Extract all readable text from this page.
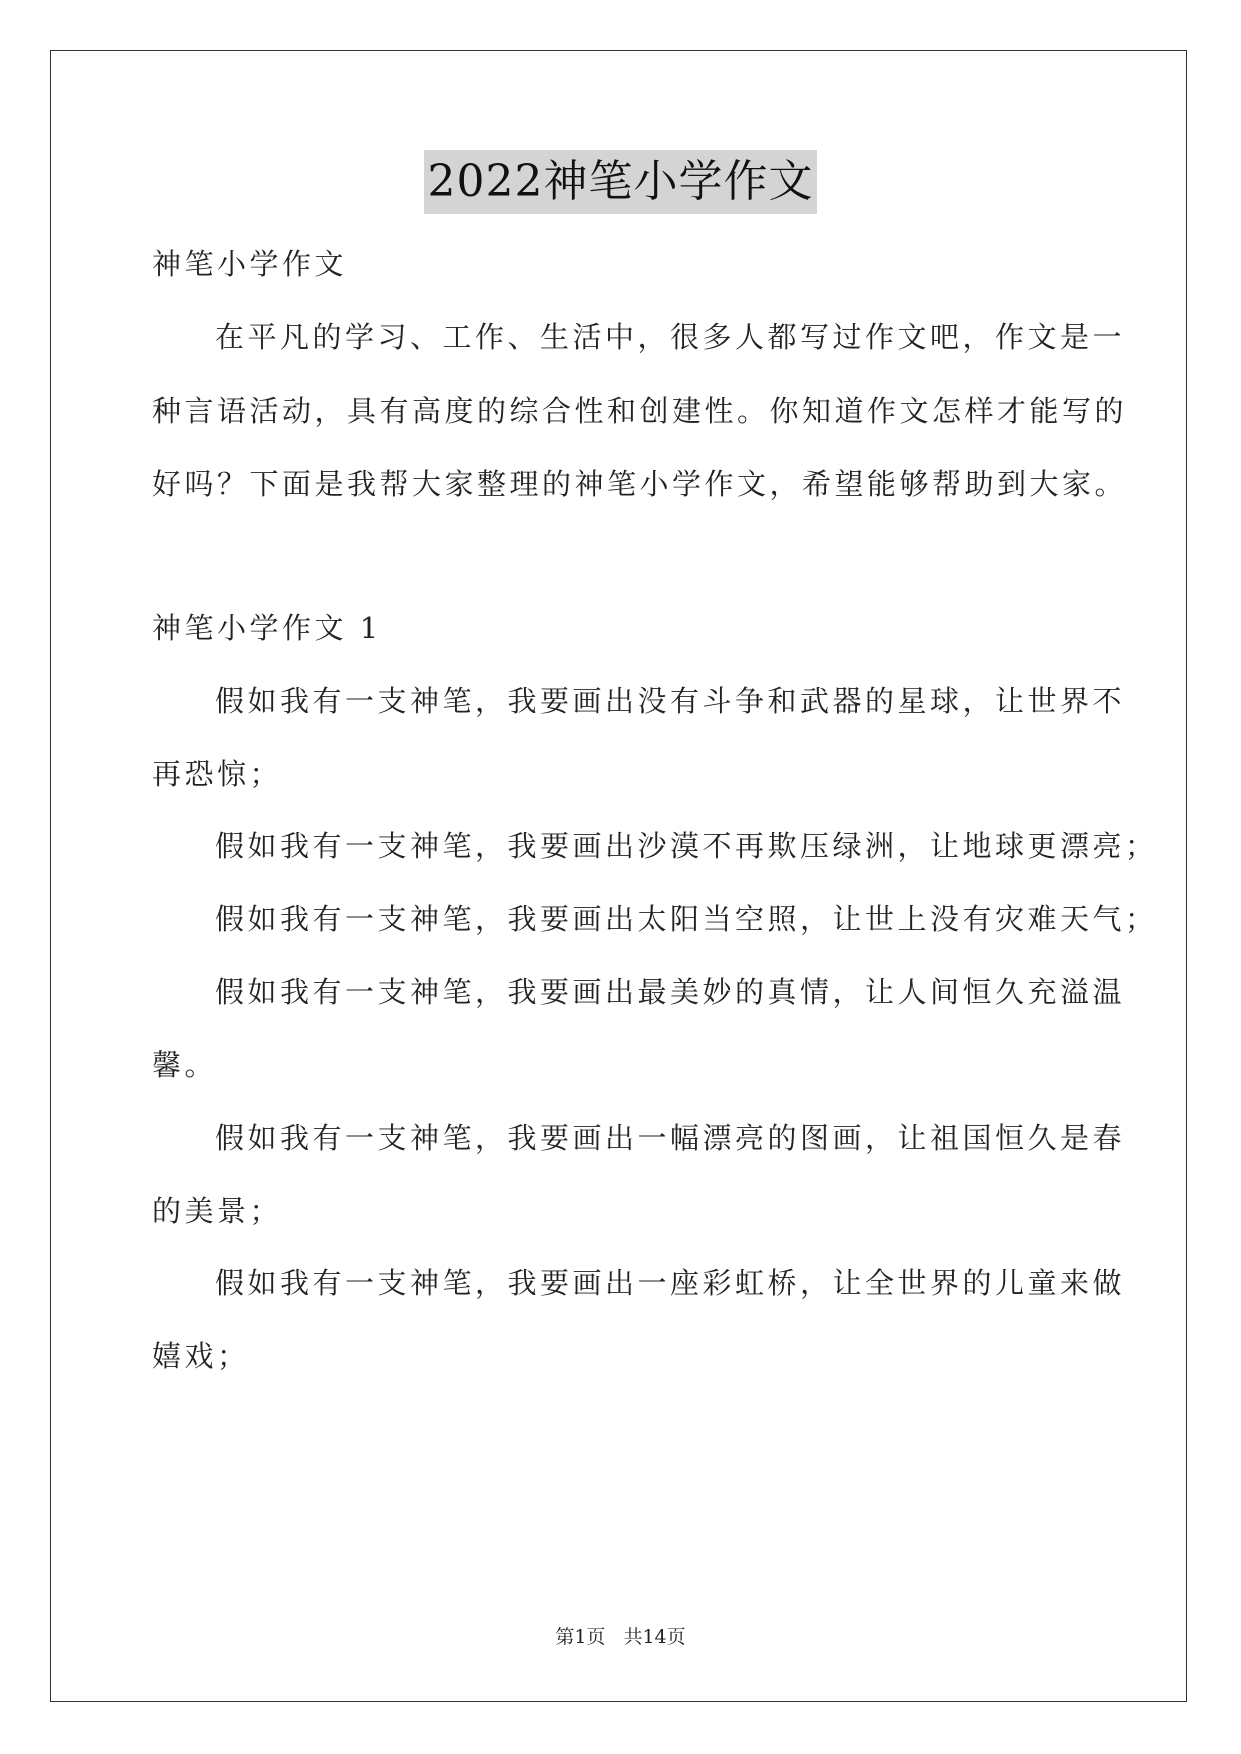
2022神笔小学作文
神笔小学作文
在平凡的学习、工作、生活中，很多人都写过作文吧，作文是一
种言语活动，具有高度的综合性和创建性。你知道作文怎样才能写的
好吗？下面是我帮大家整理的神笔小学作文，希望能够帮助到大家。
神笔小学作文 1
假如我有一支神笔，我要画出没有斗争和武器的星球，让世界不
再恐惊；
假如我有一支神笔，我要画出沙漠不再欺压绿洲，让地球更漂亮；
假如我有一支神笔，我要画出太阳当空照，让世上没有灾难天气；
假如我有一支神笔，我要画出最美妙的真情，让人间恒久充溢温
馨。
假如我有一支神笔，我要画出一幅漂亮的图画，让祖国恒久是春
的美景；
假如我有一支神笔，我要画出一座彩虹桥，让全世界的儿童来做
嬉戏；
第1页 共14页
